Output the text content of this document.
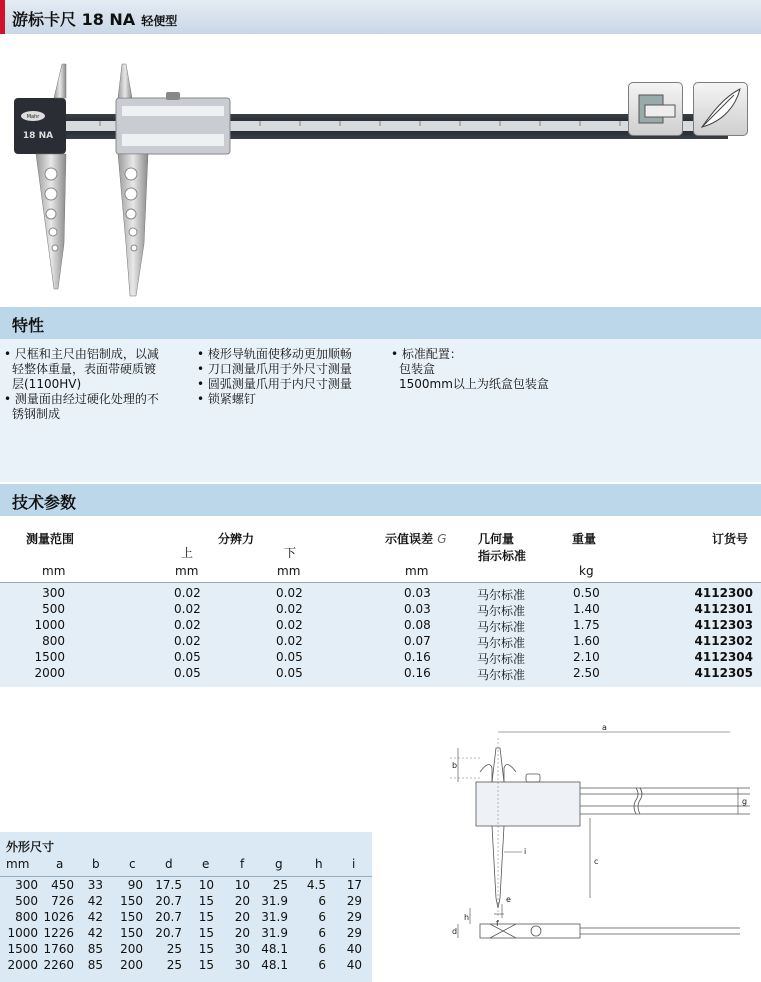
游标卡尺 18 NA 轻便型
Mahr
18 NA
特性
• 尺框和主尺由铝制成，以减
轻整体重量，表面带硬质镀
层(1100HV)
• 测量面由经过硬化处理的不
锈钢制成
• 棱形导轨面使移动更加顺畅
• 刀口测量爪用于外尺寸测量
• 圆弧测量爪用于内尺寸测量
• 锁紧螺钉
• 标准配置：
包装盒
1500mm以上为纸盒包装盒
技术参数
测量范围	分辨力
上	下
示值误差 G	几何量
指示标准
重量	订货号
mm	mm	mm	mm	kg
300	0.02	0.02	0.03	马尔标准	0.50	4112300
500	0.02	0.02	0.03	马尔标准	1.40	4112301
1000	0.02	0.02	0.08	马尔标准	1.75	4112303
800	0.02	0.02	0.07	马尔标准	1.60	4112302
1500	0.05	0.05	0.16	马尔标准	2.10	4112304
2000	0.05	0.05	0.16	马尔标准	2.50	4112305
外形尺寸
mm a b c d e	f	g	h i
300	450	33	90	17.5	10	10	25	4.5	17
500	726	42	150	20.7	15	20 31.9	6	29
800 1026	42	150	20.7	15	20 31.9	6	29
1000 1226	42	150	20.7	15	20 31.9	6	29
1500 1760	85	200	25	15	30 48.1	6	40
2000 2260	85	200	25	15	30 48.1	6	40
a
b
c
d
e
f
g
h
i
